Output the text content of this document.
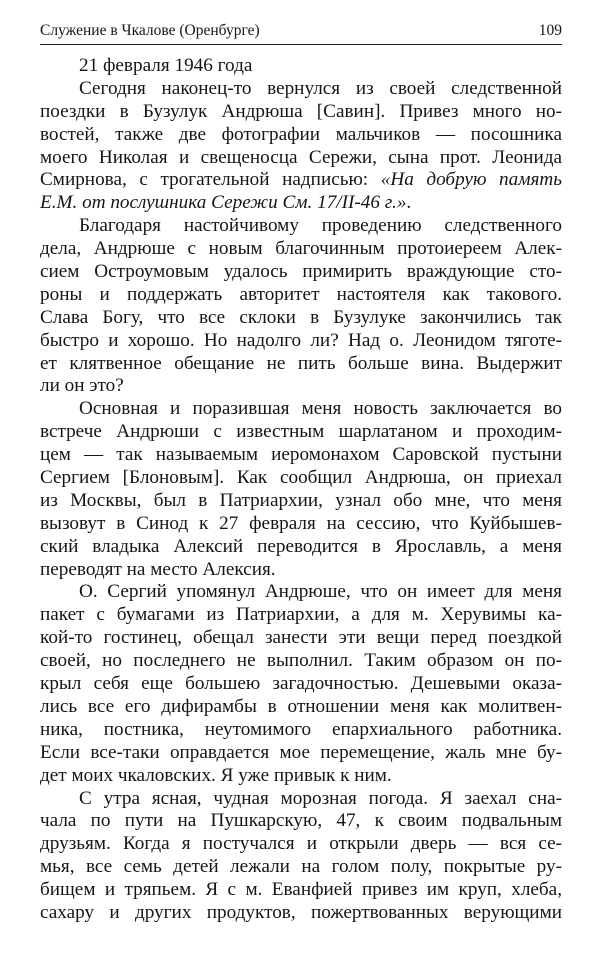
Служение в Чкалове (Оренбурге)	109
21 февраля 1946 года
Сегодня наконец-то вернулся из своей следственной
поездки в Бузулук Андрюша [Савин]. Привез много но-
востей, также две фотографии мальчиков — посошника
моего Николая и свещеносца Сережи, сына прот. Леонида
Смирнова, с трогательной надписью: «На добрую память
Е.М. от послушника Сережи См. 17/II-46 г.».
Благодаря настойчивому проведению следственного
дела, Андрюше с новым благочинным протоиереем Алек-
сием Остроумовым удалось примирить враждующие сто-
роны и поддержать авторитет настоятеля как такового.
Слава Богу, что все склоки в Бузулуке закончились так
быстро и хорошо. Но надолго ли? Над о. Леонидом тяготе-
ет клятвенное обещание не пить больше вина. Выдержит
ли он это?
Основная и поразившая меня новость заключается во
встрече Андрюши с известным шарлатаном и проходим-
цем — так называемым иеромонахом Саровской пустыни
Сергием [Блоновым]. Как сообщил Андрюша, он приехал
из Москвы, был в Патриархии, узнал обо мне, что меня
вызовут в Синод к 27 февраля на сессию, что Куйбышев-
ский владыка Алексий переводится в Ярославль, а меня
переводят на место Алексия.
О. Сергий упомянул Андрюше, что он имеет для меня
пакет с бумагами из Патриархии, а для м. Херувимы ка-
кой-то гостинец, обещал занести эти вещи перед поездкой
своей, но последнего не выполнил. Таким образом он по-
крыл себя еще большею загадочностью. Дешевыми оказа-
лись все его дифирамбы в отношении меня как молитвен-
ника, постника, неутомимого епархиального работника.
Если все-таки оправдается мое перемещение, жаль мне бу-
дет моих чкаловских. Я уже привык к ним.
С утра ясная, чудная морозная погода. Я заехал сна-
чала по пути на Пушкарскую, 47, к своим подвальным
друзьям. Когда я постучался и открыли дверь — вся се-
мья, все семь детей лежали на голом полу, покрытые ру-
бищем и тряпьем. Я с м. Еванфией привез им круп, хлеба,
сахару и других продуктов, пожертвованных верующими
